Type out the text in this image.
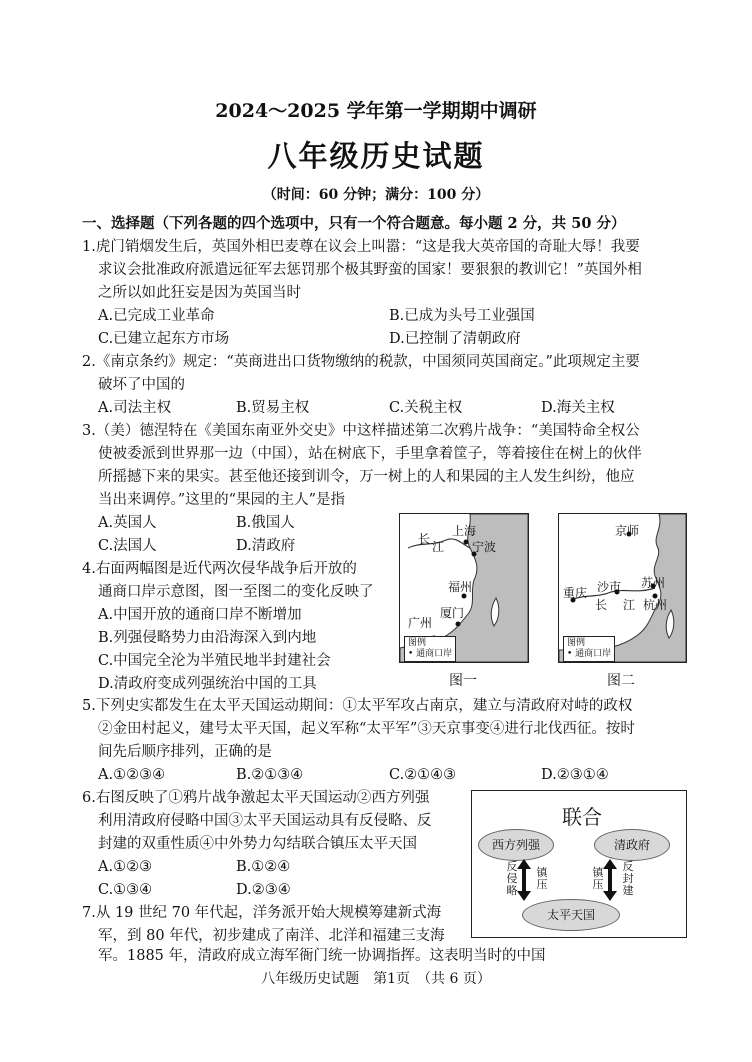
2024～2025 学年第一学期期中调研
八年级历史试题
（时间：60 分钟；满分：100 分）
一、选择题（下列各题的四个选项中，只有一个符合题意。每小题 2 分，共 50 分）
1.虎门销烟发生后，英国外相巴麦尊在议会上叫嚣：“这是我大英帝国的奇耻大辱！我要
求议会批准政府派遣远征军去惩罚那个极其野蛮的国家！要狠狠的教训它！”英国外相
之所以如此狂妄是因为英国当时
A.已完成工业革命	B.已成为头号工业强国
C.已建立起东方市场	D.已控制了清朝政府
2.《南京条约》规定：“英商进出口货物缴纳的税款，中国须同英国商定。”此项规定主要
破坏了中国的
A.司法主权	B.贸易主权	C.关税主权	D.海关主权
3.（美）德涅特在《美国东南亚外交史》中这样描述第二次鸦片战争：“美国特命全权公
使被委派到世界那一边（中国），站在树底下，手里拿着筐子，等着接住在树上的伙伴
所摇撼下来的果实。甚至他还接到训令，万一树上的人和果园的主人发生纠纷，他应
当出来调停。”这里的“果园的主人”是指
A.英国人	B.俄国人
C.法国人	D.清政府
4.右面两幅图是近代两次侵华战争后开放的
通商口岸示意图，图一至图二的变化反映了
A.中国开放的通商口岸不断增加
B.列强侵略势力由沿海深入到内地
C.中国完全沦为半殖民地半封建社会
D.清政府变成列强统治中国的工具
上海
宁波
长
江
福州
厦门
广州
图例
• 通商口岸
图一
京师
苏州
沙市
杭州
重庆
长 江
图例
• 通商口岸
图二
5.下列史实都发生在太平天国运动期间：①太平军攻占南京，建立与清政府对峙的政权
②金田村起义，建号太平天国，起义军称“太平军”③天京事变④进行北伐西征。按时
间先后顺序排列，正确的是
A.①②③④	B.②①③④	C.②①④③	D.②③①④
6.右图反映了①鸦片战争激起太平天国运动②西方列强
利用清政府侵略中国③太平天国运动具有反侵略、反
封建的双重性质④中外势力勾结联合镇压太平天国
A.①②③	B.①②④
C.①③④	D.②③④
联合
西方列强	清政府
太平天国
反侵略
镇压
镇压
反封建
7.从 19 世纪 70 年代起，洋务派开始大规模筹建新式海
军，到 80 年代，初步建成了南洋、北洋和福建三支海
军。1885 年，清政府成立海军衙门统一协调指挥。这表明当时的中国
八年级历史试题　第1页　（共 6 页）
